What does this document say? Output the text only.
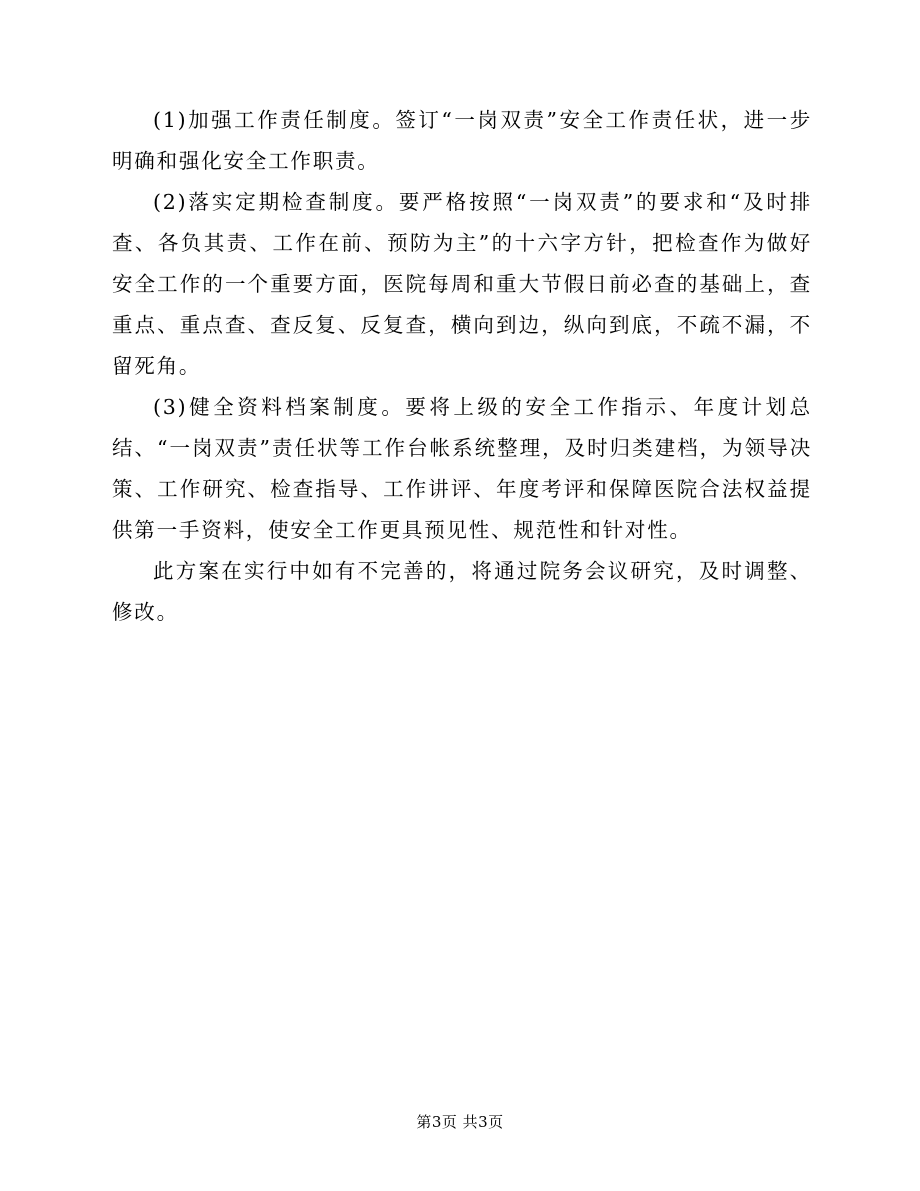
(1)加强工作责任制度。签订“一岗双责”安全工作责任状，进一步明确和强化安全工作职责。

(2)落实定期检查制度。要严格按照“一岗双责”的要求和“及时排查、各负其责、工作在前、预防为主”的十六字方针，把检查作为做好安全工作的一个重要方面，医院每周和重大节假日前必查的基础上，查重点、重点查、查反复、反复查，横向到边，纵向到底，不疏不漏，不留死角。

(3)健全资料档案制度。要将上级的安全工作指示、年度计划总结、“一岗双责”责任状等工作台帐系统整理，及时归类建档，为领导决策、工作研究、检查指导、工作讲评、年度考评和保障医院合法权益提供第一手资料，使安全工作更具预见性、规范性和针对性。

此方案在实行中如有不完善的，将通过院务会议研究，及时调整、修改。

第3页 共3页
